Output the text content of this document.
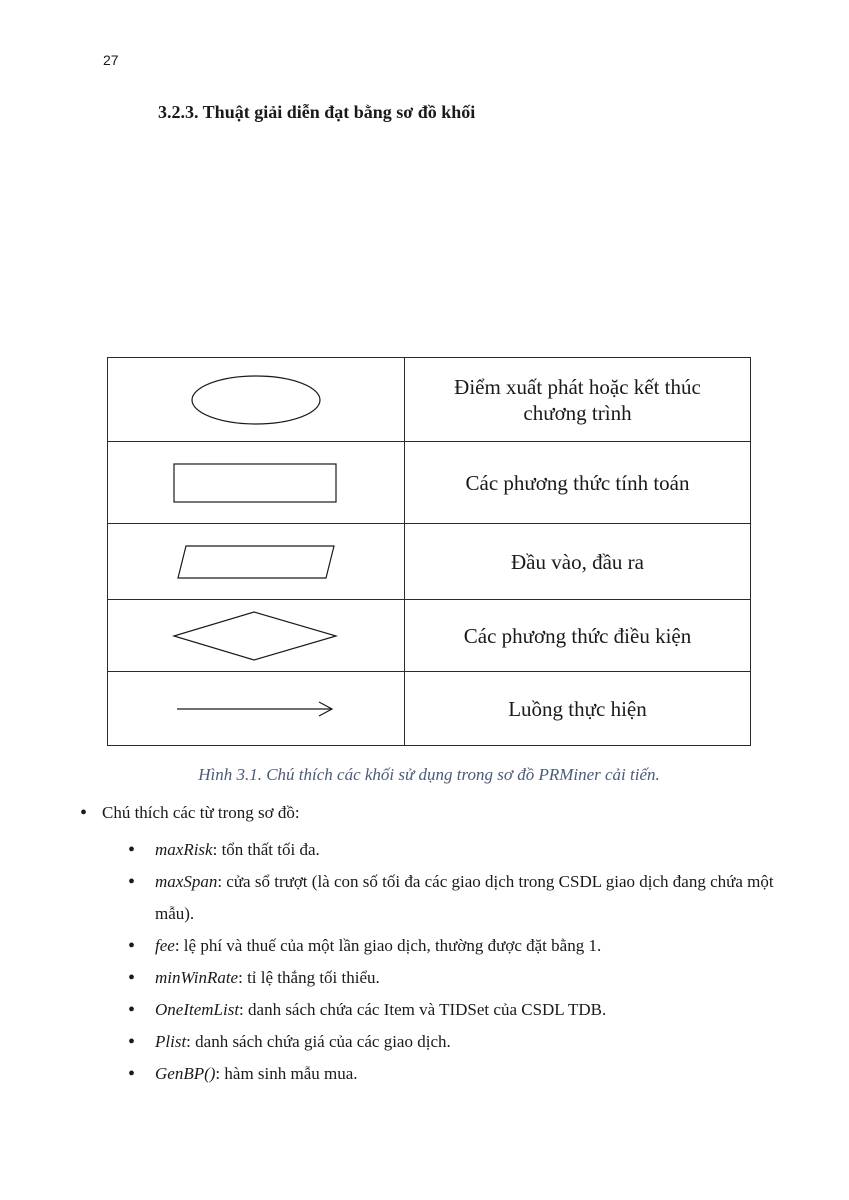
27
3.2.3. Thuật giải diễn đạt bằng sơ đồ khối
	Điểm xuất phát hoặc kết thúc chương trình

	Các phương thức tính toán

	Đầu vào, đầu ra

	Các phương thức điều kiện

	Luồng thực hiện
Hình 3.1. Chú thích các khối sử dụng trong sơ đồ PRMiner cải tiến.
• Chú thích các từ trong sơ đồ:
• maxRisk: tổn thất tối đa.
• maxSpan: cửa sổ trượt (là con số tối đa các giao dịch trong CSDL giao dịch đang chứa một mẫu).
• fee: lệ phí và thuế của một lần giao dịch, thường được đặt bằng 1.
• minWinRate: tỉ lệ thắng tối thiểu.
• OneItemList: danh sách chứa các Item và TIDSet của CSDL TDB.
• Plist: danh sách chứa giá của các giao dịch.
• GenBP(): hàm sinh mẫu mua.
